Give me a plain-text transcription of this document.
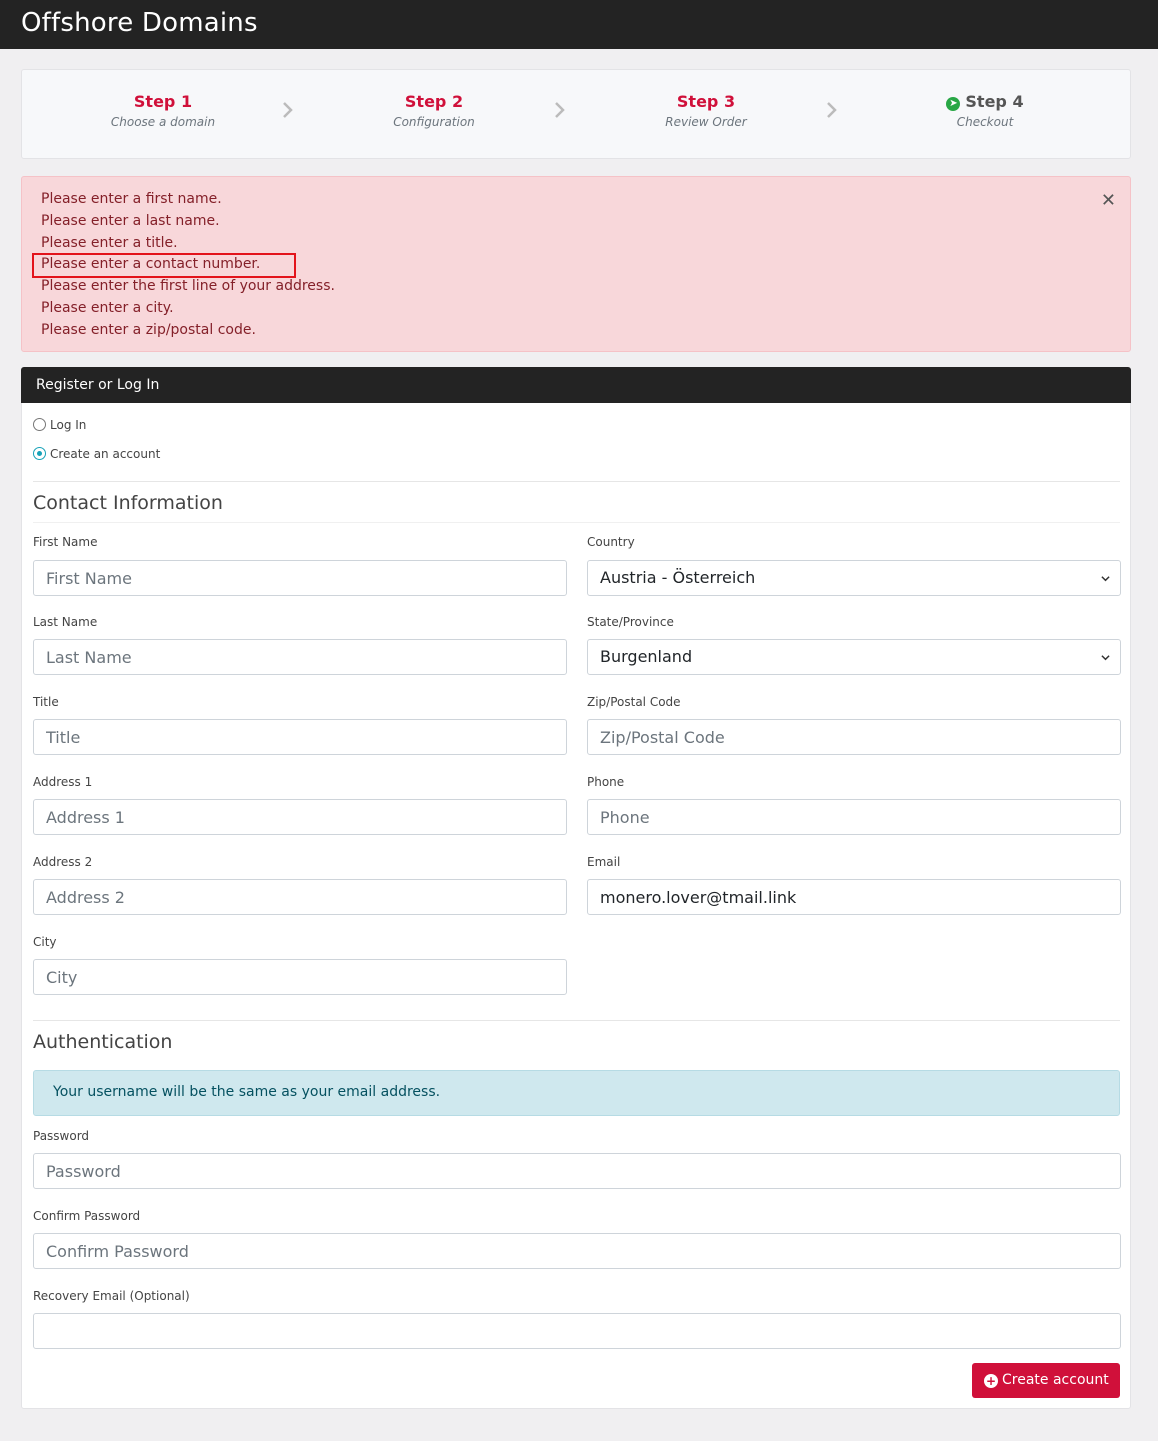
Offshore Domains
Step 1
Choose a domain
Step 2
Configuration
Step 3
Review Order
➤ Step 4
Checkout
Please enter a first name.
Please enter a last name.
Please enter a title.
Please enter a contact number.
Please enter the first line of your address.
Please enter a city.
Please enter a zip/postal code.
✕
Register or Log In
Log In
Create an account
Contact Information
First Name
First Name
Last Name
Last Name
Title
Title
Address 1
Address 1
Address 2
Address 2
City
City
Country
Austria - Österreich
State/Province
Burgenland
Zip/Postal Code
Zip/Postal Code
Phone
Phone
Email
monero.lover@tmail.link
Authentication
Your username will be the same as your email address.
Password
Confirm Password
Recovery Email (Optional)
+ Create account
